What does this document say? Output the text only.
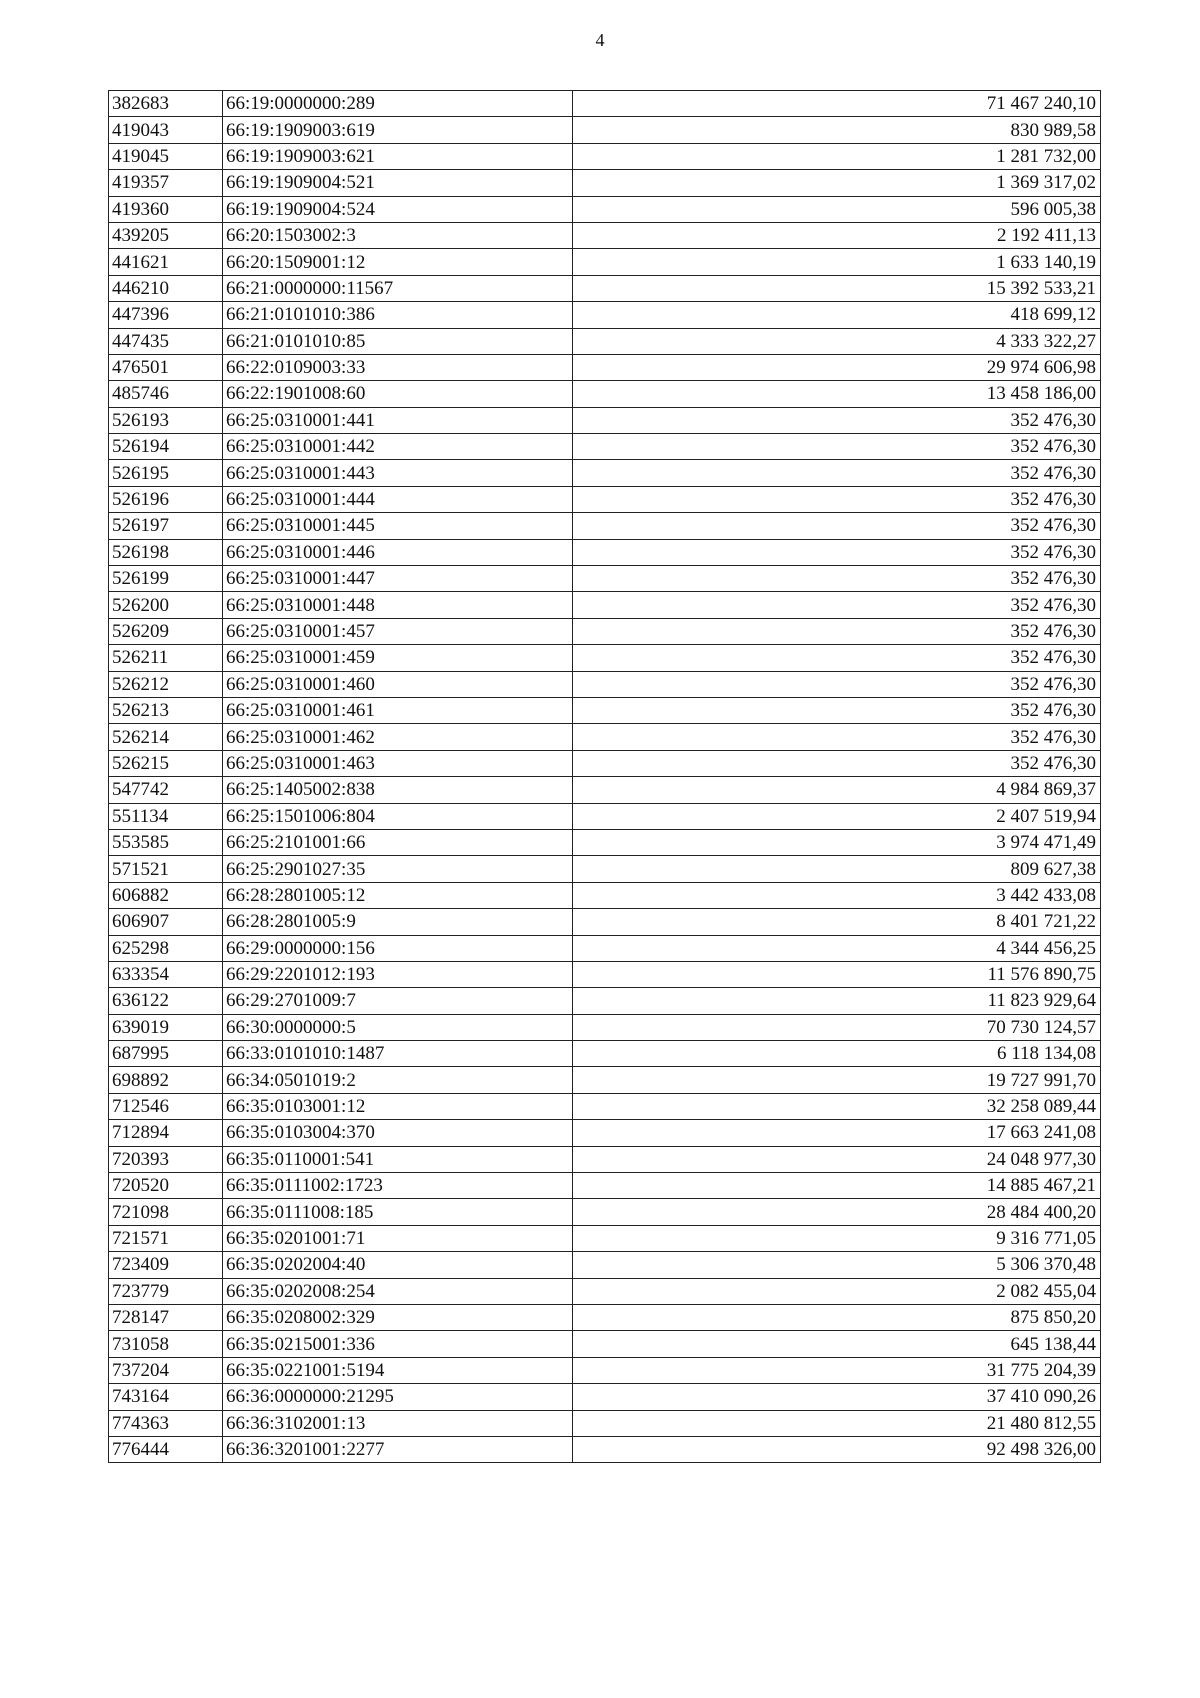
4
382683	66:19:0000000:289	71 467 240,10
419043	66:19:1909003:619	830 989,58
419045	66:19:1909003:621	1 281 732,00
419357	66:19:1909004:521	1 369 317,02
419360	66:19:1909004:524	596 005,38
439205	66:20:1503002:3	2 192 411,13
441621	66:20:1509001:12	1 633 140,19
446210	66:21:0000000:11567	15 392 533,21
447396	66:21:0101010:386	418 699,12
447435	66:21:0101010:85	4 333 322,27
476501	66:22:0109003:33	29 974 606,98
485746	66:22:1901008:60	13 458 186,00
526193	66:25:0310001:441	352 476,30
526194	66:25:0310001:442	352 476,30
526195	66:25:0310001:443	352 476,30
526196	66:25:0310001:444	352 476,30
526197	66:25:0310001:445	352 476,30
526198	66:25:0310001:446	352 476,30
526199	66:25:0310001:447	352 476,30
526200	66:25:0310001:448	352 476,30
526209	66:25:0310001:457	352 476,30
526211	66:25:0310001:459	352 476,30
526212	66:25:0310001:460	352 476,30
526213	66:25:0310001:461	352 476,30
526214	66:25:0310001:462	352 476,30
526215	66:25:0310001:463	352 476,30
547742	66:25:1405002:838	4 984 869,37
551134	66:25:1501006:804	2 407 519,94
553585	66:25:2101001:66	3 974 471,49
571521	66:25:2901027:35	809 627,38
606882	66:28:2801005:12	3 442 433,08
606907	66:28:2801005:9	8 401 721,22
625298	66:29:0000000:156	4 344 456,25
633354	66:29:2201012:193	11 576 890,75
636122	66:29:2701009:7	11 823 929,64
639019	66:30:0000000:5	70 730 124,57
687995	66:33:0101010:1487	6 118 134,08
698892	66:34:0501019:2	19 727 991,70
712546	66:35:0103001:12	32 258 089,44
712894	66:35:0103004:370	17 663 241,08
720393	66:35:0110001:541	24 048 977,30
720520	66:35:0111002:1723	14 885 467,21
721098	66:35:0111008:185	28 484 400,20
721571	66:35:0201001:71	9 316 771,05
723409	66:35:0202004:40	5 306 370,48
723779	66:35:0202008:254	2 082 455,04
728147	66:35:0208002:329	875 850,20
731058	66:35:0215001:336	645 138,44
737204	66:35:0221001:5194	31 775 204,39
743164	66:36:0000000:21295	37 410 090,26
774363	66:36:3102001:13	21 480 812,55
776444	66:36:3201001:2277	92 498 326,00
